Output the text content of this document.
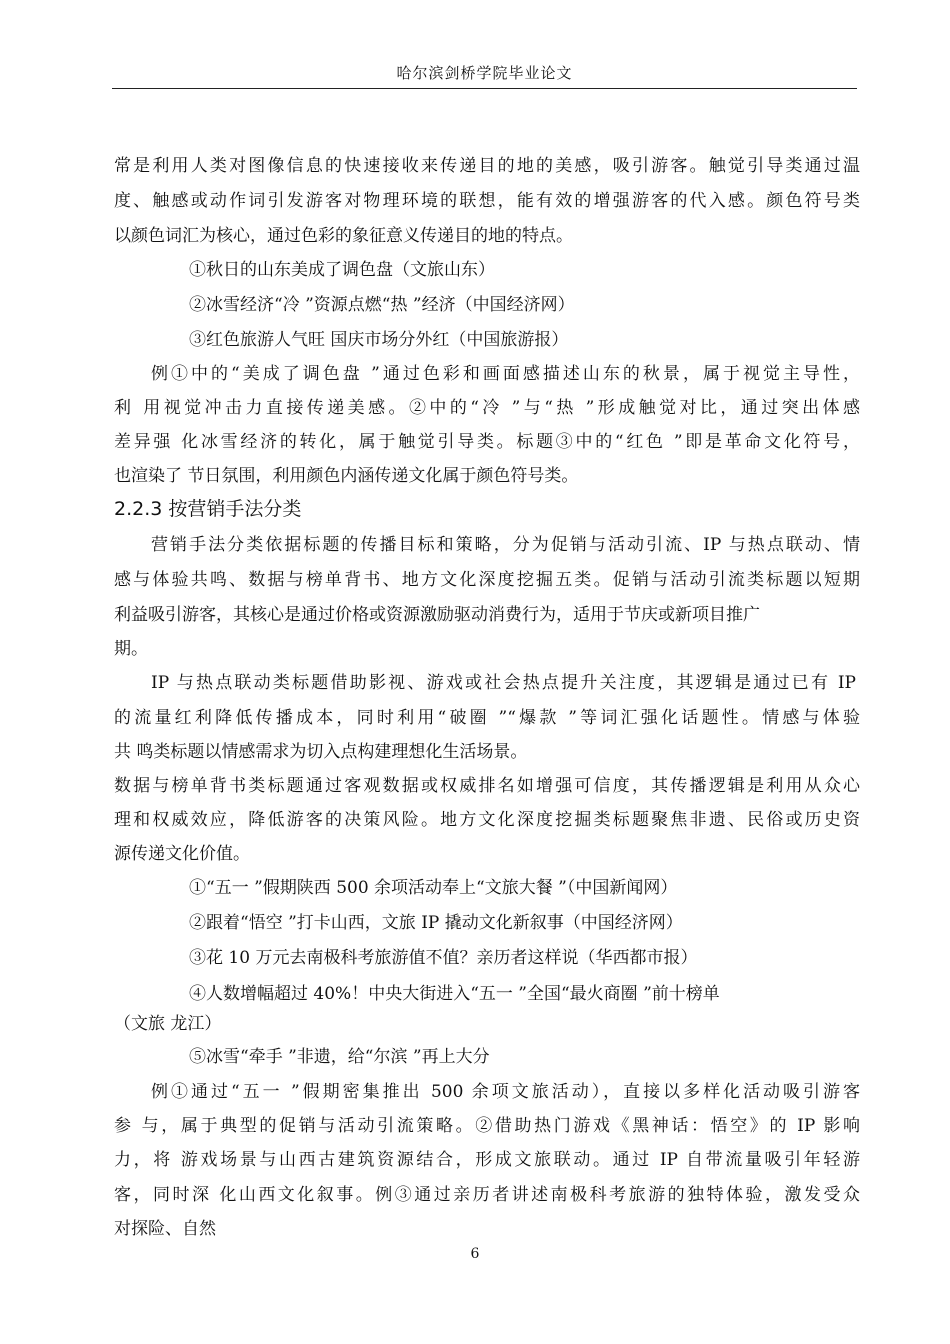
哈尔滨剑桥学院毕业论文
常是利用人类对图像信息的快速接收来传递目的地的美感，吸引游客。触觉引导类通过温
度、触感或动作词引发游客对物理环境的联想，能有效的增强游客的代入感。颜色符号类
以颜色词汇为核心，通过色彩的象征意义传递目的地的特点。
①秋日的山东美成了调色盘（文旅山东）
②冰雪经济“冷 ”资源点燃“热 ”经济（中国经济网）
③红色旅游人气旺 国庆市场分外红（中国旅游报）
例①中的“美成了调色盘 ”通过色彩和画面感描述山东的秋景，属于视觉主导性，
利 用视觉冲击力直接传递美感。②中的“冷 ”与“热 ”形成触觉对比，通过突出体感
差异强 化冰雪经济的转化，属于触觉引导类。标题③中的“红色 ”即是革命文化符号，
也渲染了 节日氛围，利用颜色内涵传递文化属于颜色符号类。
2.2.3 按营销手法分类
营销手法分类依据标题的传播目标和策略，分为促销与活动引流、IP 与热点联动、情
感与体验共鸣、数据与榜单背书、地方文化深度挖掘五类。促销与活动引流类标题以短期
利益吸引游客，其核心是通过价格或资源激励驱动消费行为，适用于节庆或新项目推广
期。
IP 与热点联动类标题借助影视、游戏或社会热点提升关注度，其逻辑是通过已有 IP
的流量红利降低传播成本，同时利用“破圈 ”“爆款 ”等词汇强化话题性。情感与体验
共 鸣类标题以情感需求为切入点构建理想化生活场景。
数据与榜单背书类标题通过客观数据或权威排名如增强可信度，其传播逻辑是利用从众心
理和权威效应，降低游客的决策风险。地方文化深度挖掘类标题聚焦非遗、民俗或历史资
源传递文化价值。
①“五一 ”假期陕西 500 余项活动奉上“文旅大餐 ”（中国新闻网）
②跟着“悟空 ”打卡山西，文旅 IP 撬动文化新叙事（中国经济网）
③花 10 万元去南极科考旅游值不值？亲历者这样说（华西都市报）
④人数增幅超过 40%！中央大街进入“五一 ”全国“最火商圈 ”前十榜单
（文旅 龙江）
⑤冰雪“牵手 ”非遗，给“尔滨 ”再上大分
例①通过“五一 ”假期密集推出 500 余项文旅活动），直接以多样化活动吸引游客
参 与，属于典型的促销与活动引流策略。②借助热门游戏《黑神话：悟空》的 IP 影响
力，将 游戏场景与山西古建筑资源结合，形成文旅联动。通过 IP 自带流量吸引年轻游
客，同时深 化山西文化叙事。例③通过亲历者讲述南极科考旅游的独特体验，激发受众
对探险、自然
6
